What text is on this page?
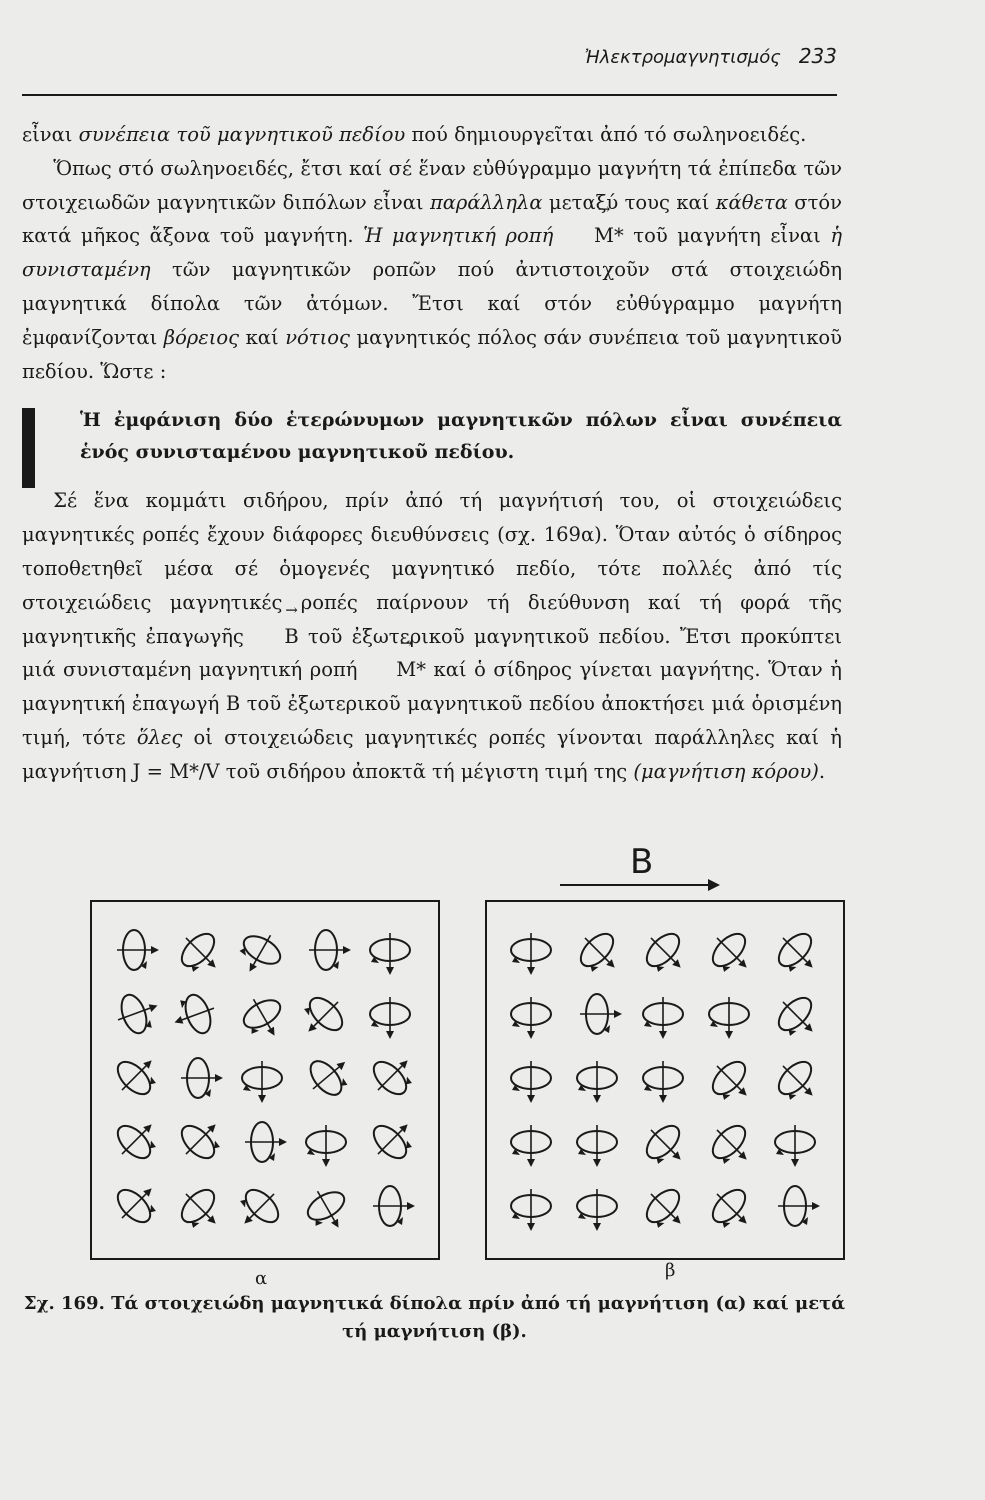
Ἠλεκτρομαγνητισμός 233

εἶναι συνέπεια τοῦ μαγνητικοῦ πεδίου πού δημιουργεῖται ἀπό τό σωληνοειδές.

Ὅπως στό σωληνοειδές, ἔτσι καί σέ ἕναν εὐθύγραμμο μαγνήτη τά ἐπίπεδα τῶν στοιχειωδῶν μαγνητικῶν διπόλων εἶναι παράλληλα μεταξύ τους καί κάθετα στόν κατά μῆκος ἄξονα τοῦ μαγνήτη. Ἡ μαγνητική ροπή → M* τοῦ μαγνήτη εἶναι ἡ συνισταμένη τῶν μαγνητικῶν ροπῶν πού ἀντιστοιχοῦν στά στοιχειώδη μαγνητικά δίπολα τῶν ἀτόμων. Ἔτσι καί στόν εὐθύγραμμο μαγνήτη ἐμφανίζονται βόρειος καί νότιος μαγνητικός πόλος σάν συνέπεια τοῦ μαγνητικοῦ πεδίου. Ὥστε :

Ἡ ἐμφάνιση δύο ἑτερώνυμων μαγνητικῶν πόλων εἶναι συνέπεια ἑνός συνισταμένου μαγνητικοῦ πεδίου.

Σέ ἕνα κομμάτι σιδήρου, πρίν ἀπό τή μαγνήτισή του, οἱ στοιχειώδεις μαγνητικές ροπές ἔχουν διάφορες διευθύνσεις (σχ. 169α). Ὅταν αὐτός ὁ σίδηρος τοποθετηθεῖ μέσα σέ ὁμογενές μαγνητικό πεδίο, τότε πολλές ἀπό τίς στοιχειώδεις μαγνητικές ροπές παίρνουν τή διεύθυνση καί τή φορά τῆς μαγνητικῆς ἐπαγωγῆς → B τοῦ ἐξωτερικοῦ μαγνητικοῦ πεδίου. Ἔτσι προκύπτει μιά συνισταμένη μαγνητική ροπή → M* καί ὁ σίδηρος γίνεται μαγνήτης. Ὅταν ἡ μαγνητική ἐπαγωγή B τοῦ ἐξωτερικοῦ μαγνητικοῦ πεδίου ἀποκτήσει μιά ὁρισμένη τιμή, τότε ὅλες οἱ στοιχειώδεις μαγνητικές ροπές γίνονται παράλληλες καί ἡ μαγνήτιση J = M*/V τοῦ σιδήρου ἀποκτᾶ τή μέγιστη τιμή της (μαγνήτιση κόρου).

B
α	β
Σχ. 169. Τά στοιχειώδη μαγνητικά δίπολα πρίν ἀπό τή μαγνήτιση (α) καί μετά τή μαγνήτιση (β).
